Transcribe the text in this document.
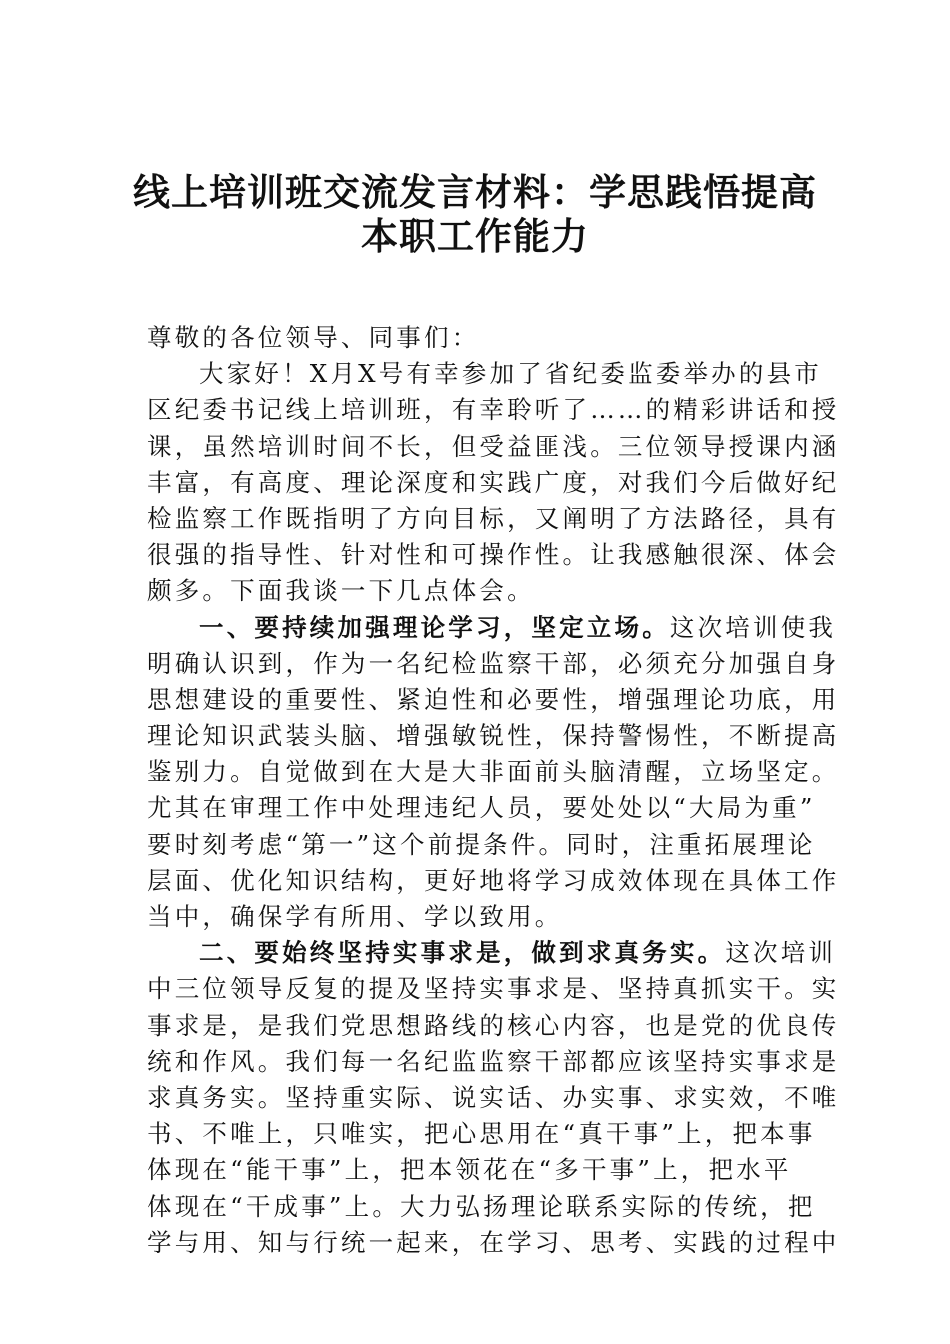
线上培训班交流发言材料：学思践悟提高
本职工作能力
尊敬的各位领导、同事们：
大家好！X月X号有幸参加了省纪委监委举办的县市
区纪委书记线上培训班，有幸聆听了……的精彩讲话和授
课，虽然培训时间不长，但受益匪浅。三位领导授课内涵
丰富，有高度、理论深度和实践广度，对我们今后做好纪
检监察工作既指明了方向目标，又阐明了方法路径，具有
很强的指导性、针对性和可操作性。让我感触很深、体会
颇多。下面我谈一下几点体会。
一、要持续加强理论学习，坚定立场。这次培训使我
明确认识到，作为一名纪检监察干部，必须充分加强自身
思想建设的重要性、紧迫性和必要性，增强理论功底，用
理论知识武装头脑、增强敏锐性，保持警惕性，不断提高
鉴别力。自觉做到在大是大非面前头脑清醒，立场坚定。
尤其在审理工作中处理违纪人员，要处处以“大局为重”
要时刻考虑“第一”这个前提条件。同时，注重拓展理论
层面、优化知识结构，更好地将学习成效体现在具体工作
当中，确保学有所用、学以致用。
二、要始终坚持实事求是，做到求真务实。这次培训
中三位领导反复的提及坚持实事求是、坚持真抓实干。实
事求是，是我们党思想路线的核心内容，也是党的优良传
统和作风。我们每一名纪监监察干部都应该坚持实事求是
求真务实。坚持重实际、说实话、办实事、求实效，不唯
书、不唯上，只唯实，把心思用在“真干事”上，把本事
体现在“能干事”上，把本领花在“多干事”上，把水平
体现在“干成事”上。大力弘扬理论联系实际的传统，把
学与用、知与行统一起来，在学习、思考、实践的过程中
